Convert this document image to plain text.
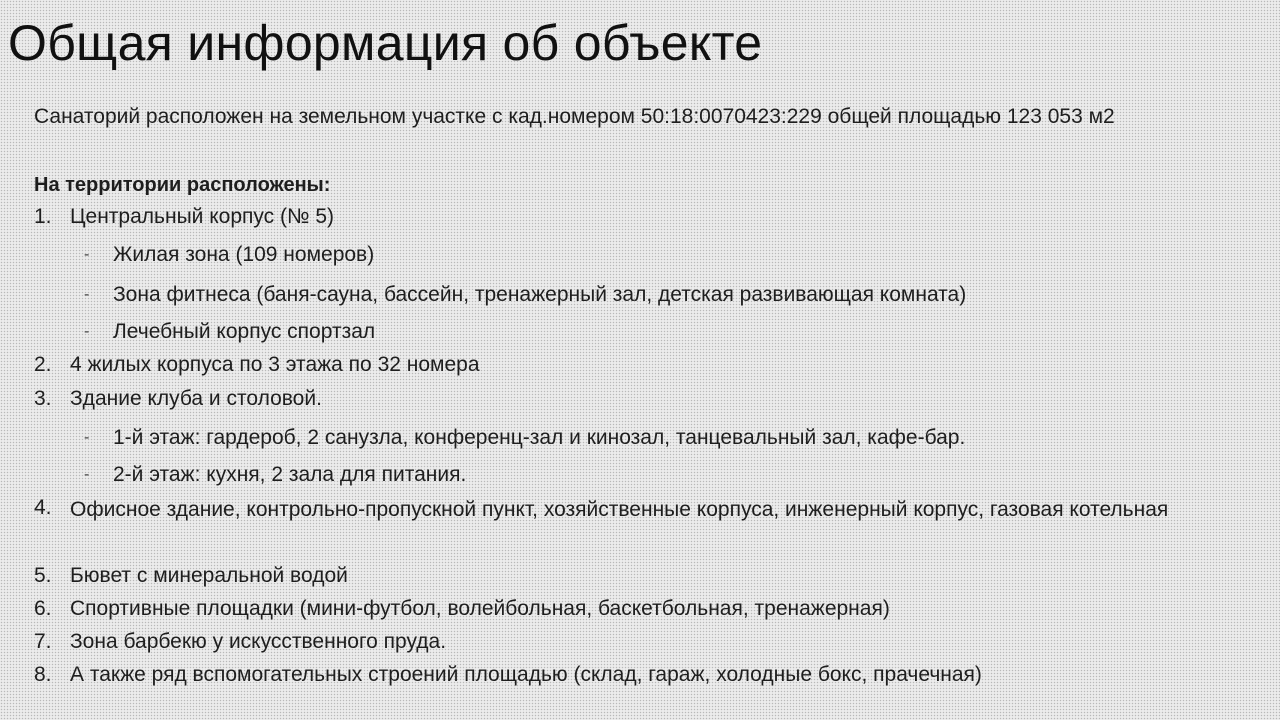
Общая информация об объекте

Санаторий расположен на земельном участке с кад.номером 50:18:0070423:229 общей площадью 123 053 м2

На территории расположены:

1. Центральный корпус (№ 5)
- Жилая зона (109 номеров)
- Зона фитнеса (баня-сауна, бассейн, тренажерный зал, детская развивающая комната)
- Лечебный корпус спортзал
2. 4 жилых корпуса по 3 этажа по 32 номера
3. Здание клуба и столовой.
- 1-й этаж: гардероб, 2 санузла, конференц-зал и кинозал, танцевальный зал, кафе-бар.
- 2-й этаж: кухня, 2 зала для питания.
4. Офисное здание, контрольно-пропускной пункт, хозяйственные корпуса, инженерный корпус, газовая котельная
5. Бювет с минеральной водой
6. Спортивные площадки (мини-футбол, волейбольная, баскетбольная, тренажерная)
7. Зона барбекю у искусственного пруда.
8. А также ряд вспомогательных строений площадью (склад, гараж, холодные бокс, прачечная)
